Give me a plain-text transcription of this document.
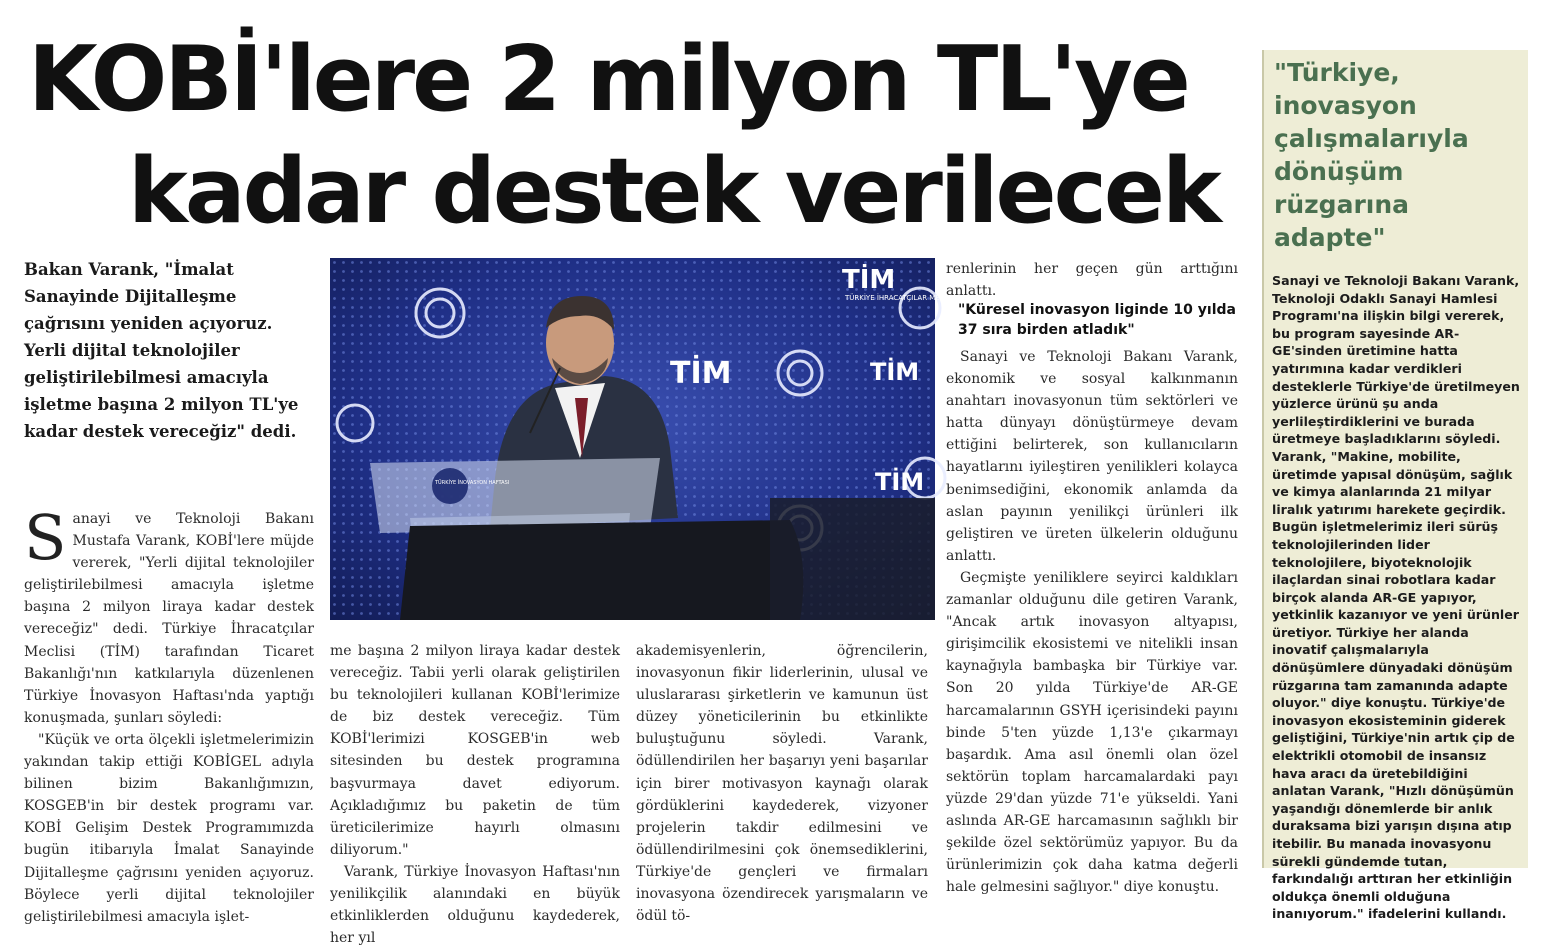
KOBİ'lere 2 milyon TL'ye
kadar destek verilecek
Bakan Varank, "İmalat Sanayinde Dijitalleşme çağrısını yeniden açıyoruz. Yerli dijital teknolojiler geliştirilebilmesi amacıyla işletme başına 2 milyon TL'ye kadar destek vereceğiz" dedi.
TİM
TİM	TİM
TİM
TÜRKİYE İHRACATÇILAR MECLİSİ
TÜRKİYE İNOVASYON HAFTASI

Sanayi ve Teknoloji Bakanı Mustafa Varank, KOBİ'lere müjde vererek, "Yerli dijital teknolojiler geliştirilebilmesi amacıyla işletme başına 2 milyon liraya kadar destek vereceğiz" dedi. Türkiye İhracatçılar Meclisi (TİM) tarafından Ticaret Bakanlığı'nın katkılarıyla düzenlenen Türkiye İnovasyon Haftası'nda yaptığı konuşmada, şunları söyledi:

"Küçük ve orta ölçekli işletmelerimizin yakından takip ettiği KOBİGEL adıyla bilinen bizim Bakanlığımızın, KOSGEB'in bir destek programı var. KOBİ Gelişim Destek Programımızda bugün itibarıyla İmalat Sanayinde Dijitalleşme çağrısını yeniden açıyoruz. Böylece yerli dijital teknolojiler geliştirilebilmesi amacıyla işlet-

me başına 2 milyon liraya kadar destek vereceğiz. Tabii yerli olarak geliştirilen bu teknolojileri kullanan KOBİ'lerimize de biz destek vereceğiz. Tüm KOBİ'lerimizi KOSGEB'in web sitesinden bu destek programına başvurmaya davet ediyorum. Açıkladığımız bu paketin de tüm üreticilerimize hayırlı olmasını diliyorum."

Varank, Türkiye İnovasyon Haftası'nın yenilikçilik alanındaki en büyük etkinliklerden olduğunu kaydederek, her yıl

akademisyenlerin, öğrencilerin, inovasyonun fikir liderlerinin, ulusal ve uluslararası şirketlerin ve kamunun üst düzey yöneticilerinin bu etkinlikte buluştuğunu söyledi. Varank, ödüllendirilen her başarıyı yeni başarılar için birer motivasyon kaynağı olarak gördüklerini kaydederek, vizyoner projelerin takdir edilmesini ve ödüllendirilmesini çok önemsediklerini, Türkiye'de gençleri ve firmaları inovasyona özendirecek yarışmaların ve ödül tö-

renlerinin her geçen gün arttığını anlattı.

"Küresel inovasyon liginde 10 yılda 37 sıra birden atladık"

Sanayi ve Teknoloji Bakanı Varank, ekonomik ve sosyal kalkınmanın anahtarı inovasyonun tüm sektörleri ve hatta dünyayı dönüştürmeye devam ettiğini belirterek, son kullanıcıların hayatlarını iyileştiren yenilikleri kolayca benimsediğini, ekonomik anlamda da aslan payının yenilikçi ürünleri ilk geliştiren ve üreten ülkelerin olduğunu anlattı.

Geçmişte yeniliklere seyirci kaldıkları zamanlar olduğunu dile getiren Varank, "Ancak artık inovasyon altyapısı, girişimcilik ekosistemi ve nitelikli insan kaynağıyla bambaşka bir Türkiye var. Son 20 yılda Türkiye'de AR-GE harcamalarının GSYH içerisindeki payını binde 5'ten yüzde 1,13'e çıkarmayı başardık. Ama asıl önemli olan özel sektörün toplam harcamalardaki payı yüzde 29'dan yüzde 71'e yükseldi. Yani aslında AR-GE harcamasının sağlıklı bir şekilde özel sektörümüz yapıyor. Bu da ürünlerimizin çok daha katma değerli hale gelmesini sağlıyor." diye konuştu.

"Türkiye, inovasyon çalışmalarıyla dönüşüm rüzgarına adapte"
Sanayi ve Teknoloji Bakanı Varank, Teknoloji Odaklı Sanayi Hamlesi Programı'na ilişkin bilgi vererek, bu program sayesinde AR-GE'sinden üretimine hatta yatırımına kadar verdikleri desteklerle Türkiye'de üretilmeyen yüzlerce ürünü şu anda yerlileştirdiklerini ve burada üretmeye başladıklarını söyledi. Varank, "Makine, mobilite, üretimde yapısal dönüşüm, sağlık ve kimya alanlarında 21 milyar liralık yatırımı harekete geçirdik. Bugün işletmelerimiz ileri sürüş teknolojilerinden lider teknolojilere, biyoteknolojik ilaçlardan sinai robotlara kadar birçok alanda AR-GE yapıyor, yetkinlik kazanıyor ve yeni ürünler üretiyor. Türkiye her alanda inovatif çalışmalarıyla dönüşümlere dünyadaki dönüşüm rüzgarına tam zamanında adapte oluyor." diye konuştu. Türkiye'de inovasyon ekosisteminin giderek geliştiğini, Türkiye'nin artık çip de elektrikli otomobil de insansız hava aracı da üretebildiğini anlatan Varank, "Hızlı dönüşümün yaşandığı dönemlerde bir anlık duraksama bizi yarışın dışına atıp itebilir. Bu manada inovasyonu sürekli gündemde tutan, farkındalığı arttıran her etkinliğin oldukça önemli olduğuna inanıyorum." ifadelerini kullandı.
